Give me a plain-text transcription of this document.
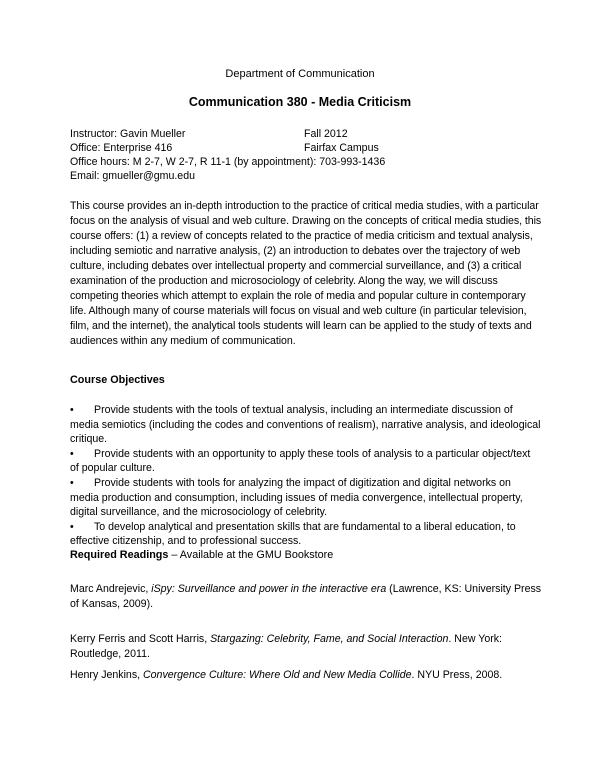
Department of Communication
Communication 380 - Media Criticism
Instructor: Gavin Mueller	Fall 2012
Office: Enterprise 416	Fairfax Campus
Office hours: M 2-7, W 2-7, R 11-1 (by appointment): 703-993-1436
Email: gmueller@gmu.edu
This course provides an in-depth introduction to the practice of critical media studies, with a particular focus on the analysis of visual and web culture. Drawing on the concepts of critical media studies, this course offers: (1) a review of concepts related to the practice of media criticism and textual analysis, including semiotic and narrative analysis, (2) an introduction to debates over the trajectory of web culture, including debates over intellectual property and commercial surveillance, and (3) a critical examination of the production and microsociology of celebrity. Along the way, we will discuss competing theories which attempt to explain the role of media and popular culture in contemporary life. Although many of course materials will focus on visual and web culture (in particular television, film, and the internet), the analytical tools students will learn can be applied to the study of texts and audiences within any medium of communication.
Course Objectives
• Provide students with the tools of textual analysis, including an intermediate discussion of media semiotics (including the codes and conventions of realism), narrative analysis, and ideological critique.
• Provide students with an opportunity to apply these tools of analysis to a particular object/text of popular culture.
• Provide students with tools for analyzing the impact of digitization and digital networks on media production and consumption, including issues of media convergence, intellectual property, digital surveillance, and the microsociology of celebrity.
• To develop analytical and presentation skills that are fundamental to a liberal education, to effective citizenship, and to professional success.
Required Readings – Available at the GMU Bookstore
Marc Andrejevic, iSpy: Surveillance and power in the interactive era (Lawrence, KS: University Press of Kansas, 2009).
Kerry Ferris and Scott Harris, Stargazing: Celebrity, Fame, and Social Interaction. New York: Routledge, 2011.
Henry Jenkins, Convergence Culture: Where Old and New Media Collide. NYU Press, 2008.
